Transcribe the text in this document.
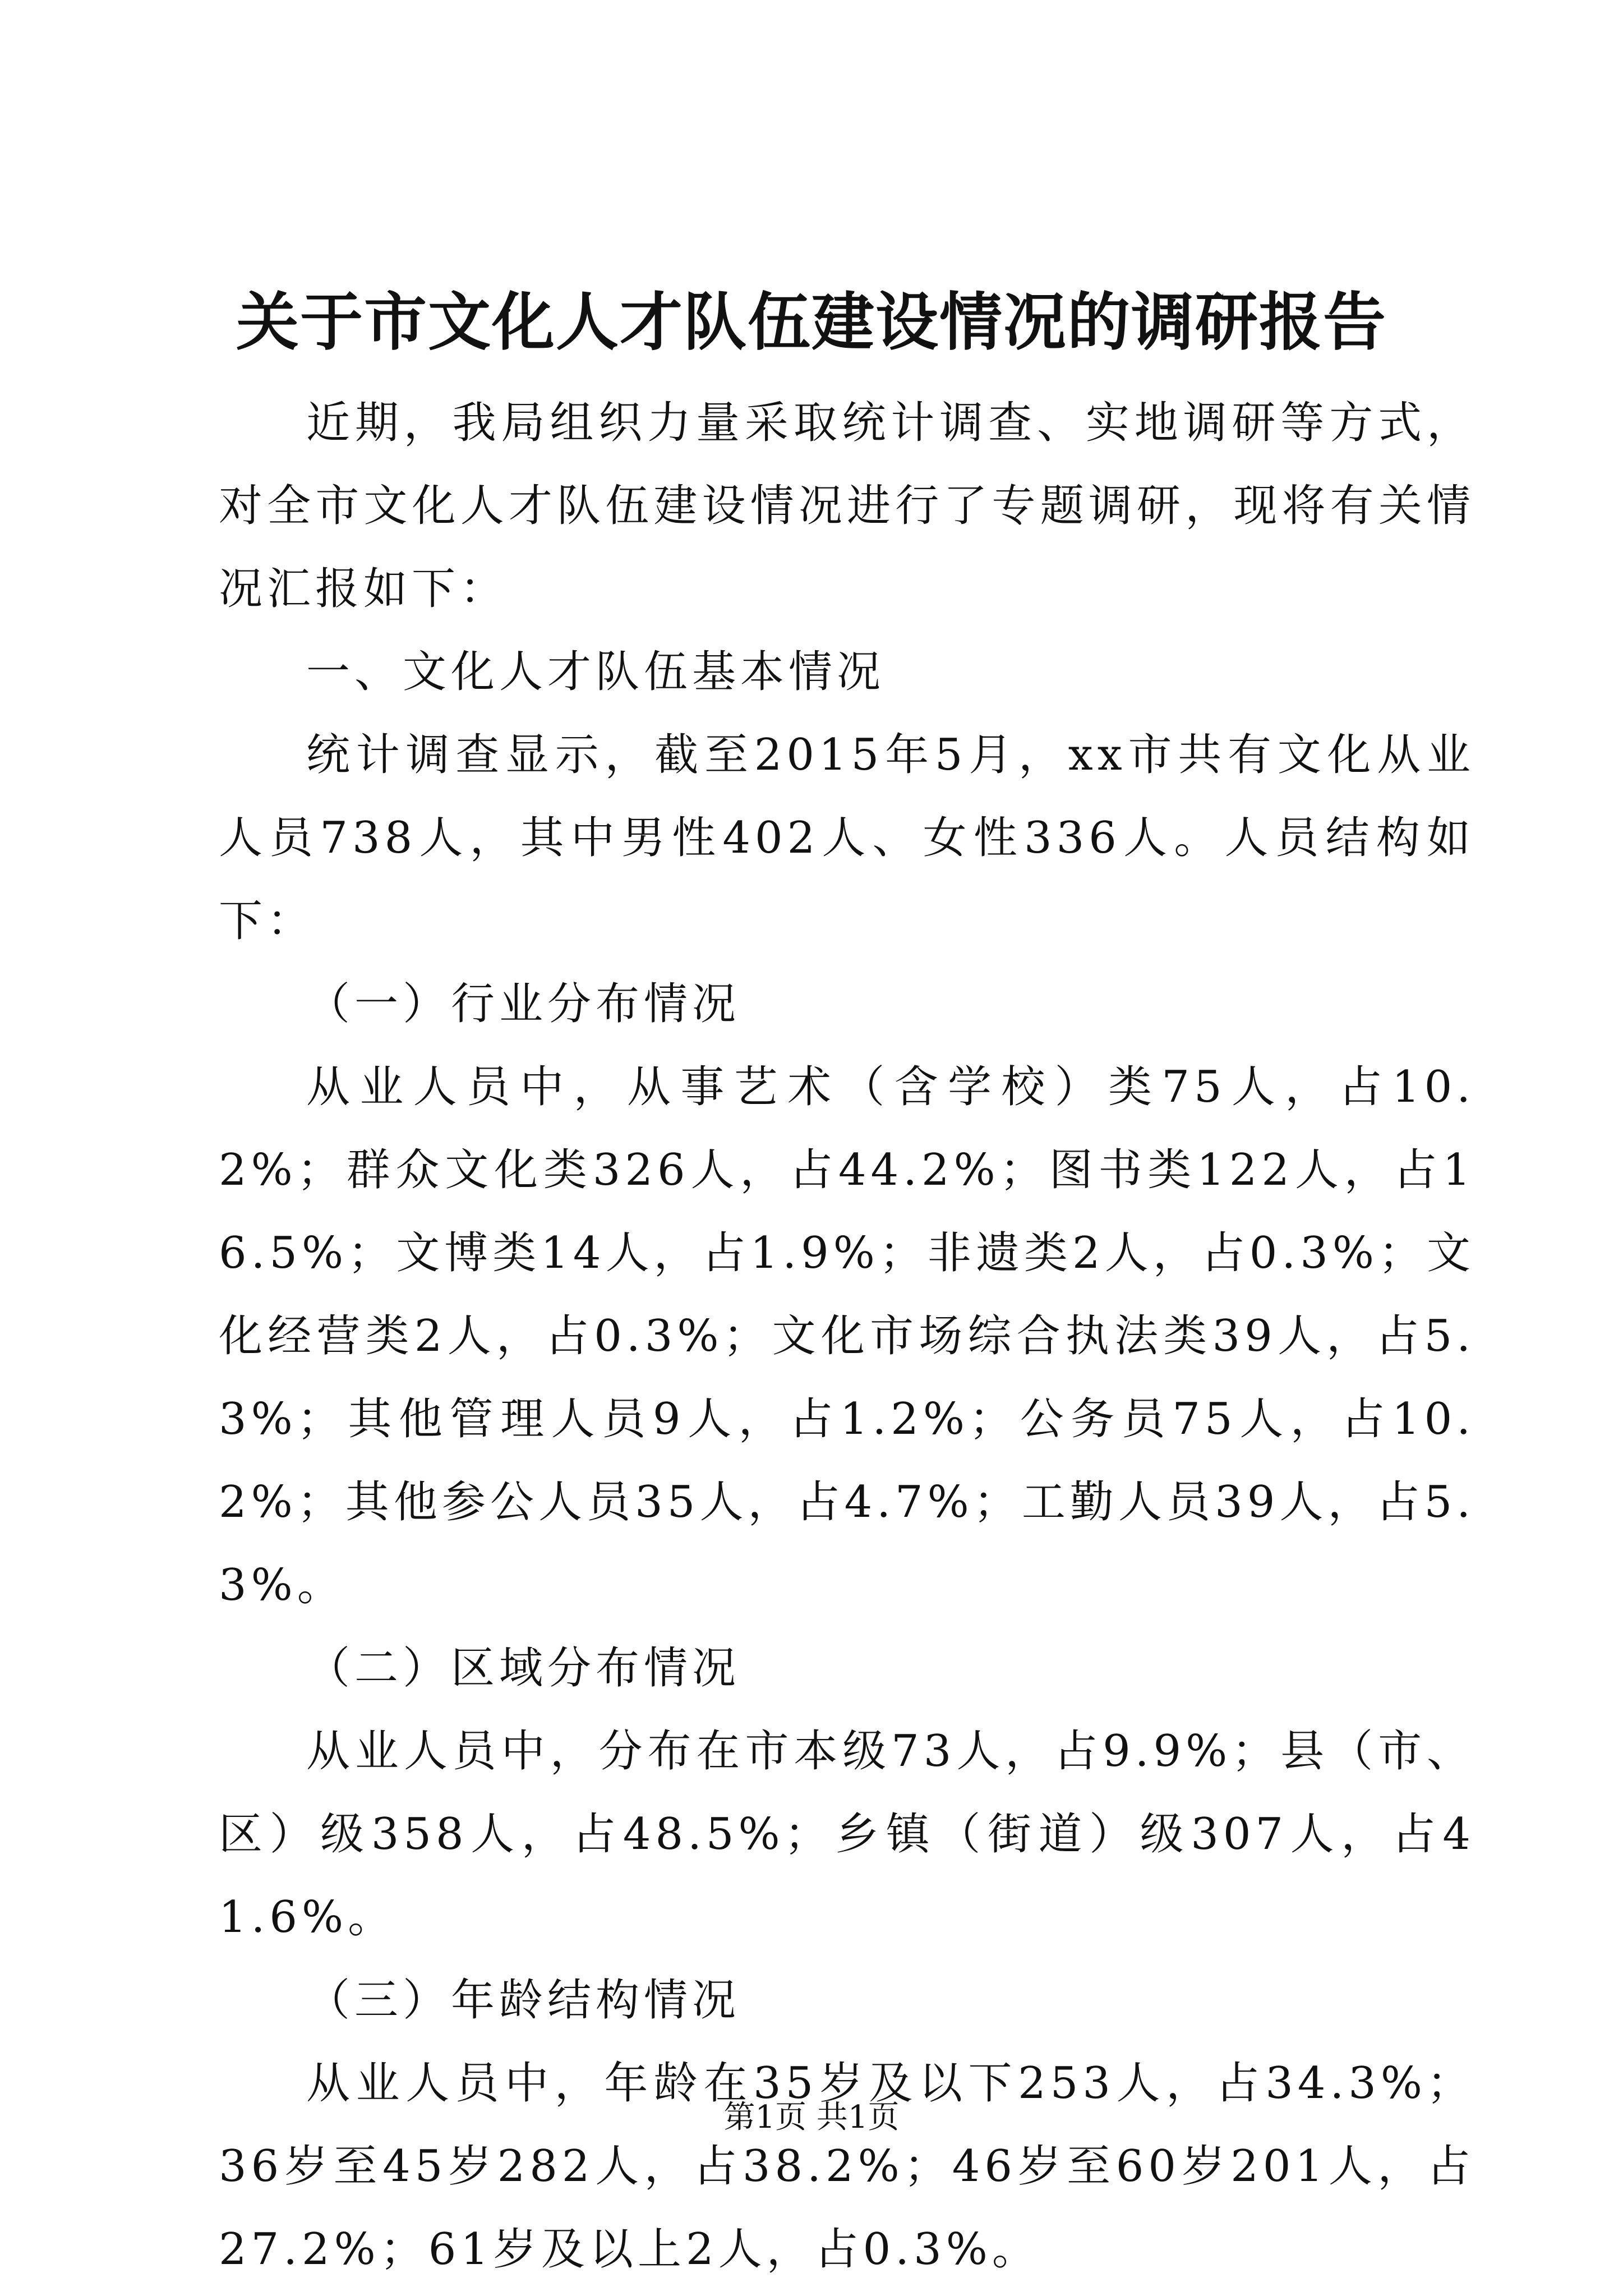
关于市文化人才队伍建设情况的调研报告

近期，我局组织力量采取统计调查、实地调研等方式，对全市文化人才队伍建设情况进行了专题调研，现将有关情况汇报如下：

一、文化人才队伍基本情况

统计调查显示，截至2015年5月，xx市共有文化从业人员738人，其中男性402人、女性336人。人员结构如下：

（一）行业分布情况

从业人员中，从事艺术（含学校）类75人，占10.2%；群众文化类326人，占44.2%；图书类122人，占16.5%；文博类14人，占1.9%；非遗类2人，占0.3%；文化经营类2人，占0.3%；文化市场综合执法类39人，占5.3%；其他管理人员9人，占1.2%；公务员75人，占10.2%；其他参公人员35人，占4.7%；工勤人员39人，占5.3%。

（二）区域分布情况

从业人员中，分布在市本级73人，占9.9%；县（市、区）级358人，占48.5%；乡镇（街道）级307人，占41.6%。

（三）年龄结构情况

从业人员中，年龄在35岁及以下253人，占34.3%；36岁至45岁282人，占38.2%；46岁至60岁201人，占27.2%；61岁及以上2人，占0.3%。

第1页 共1页
